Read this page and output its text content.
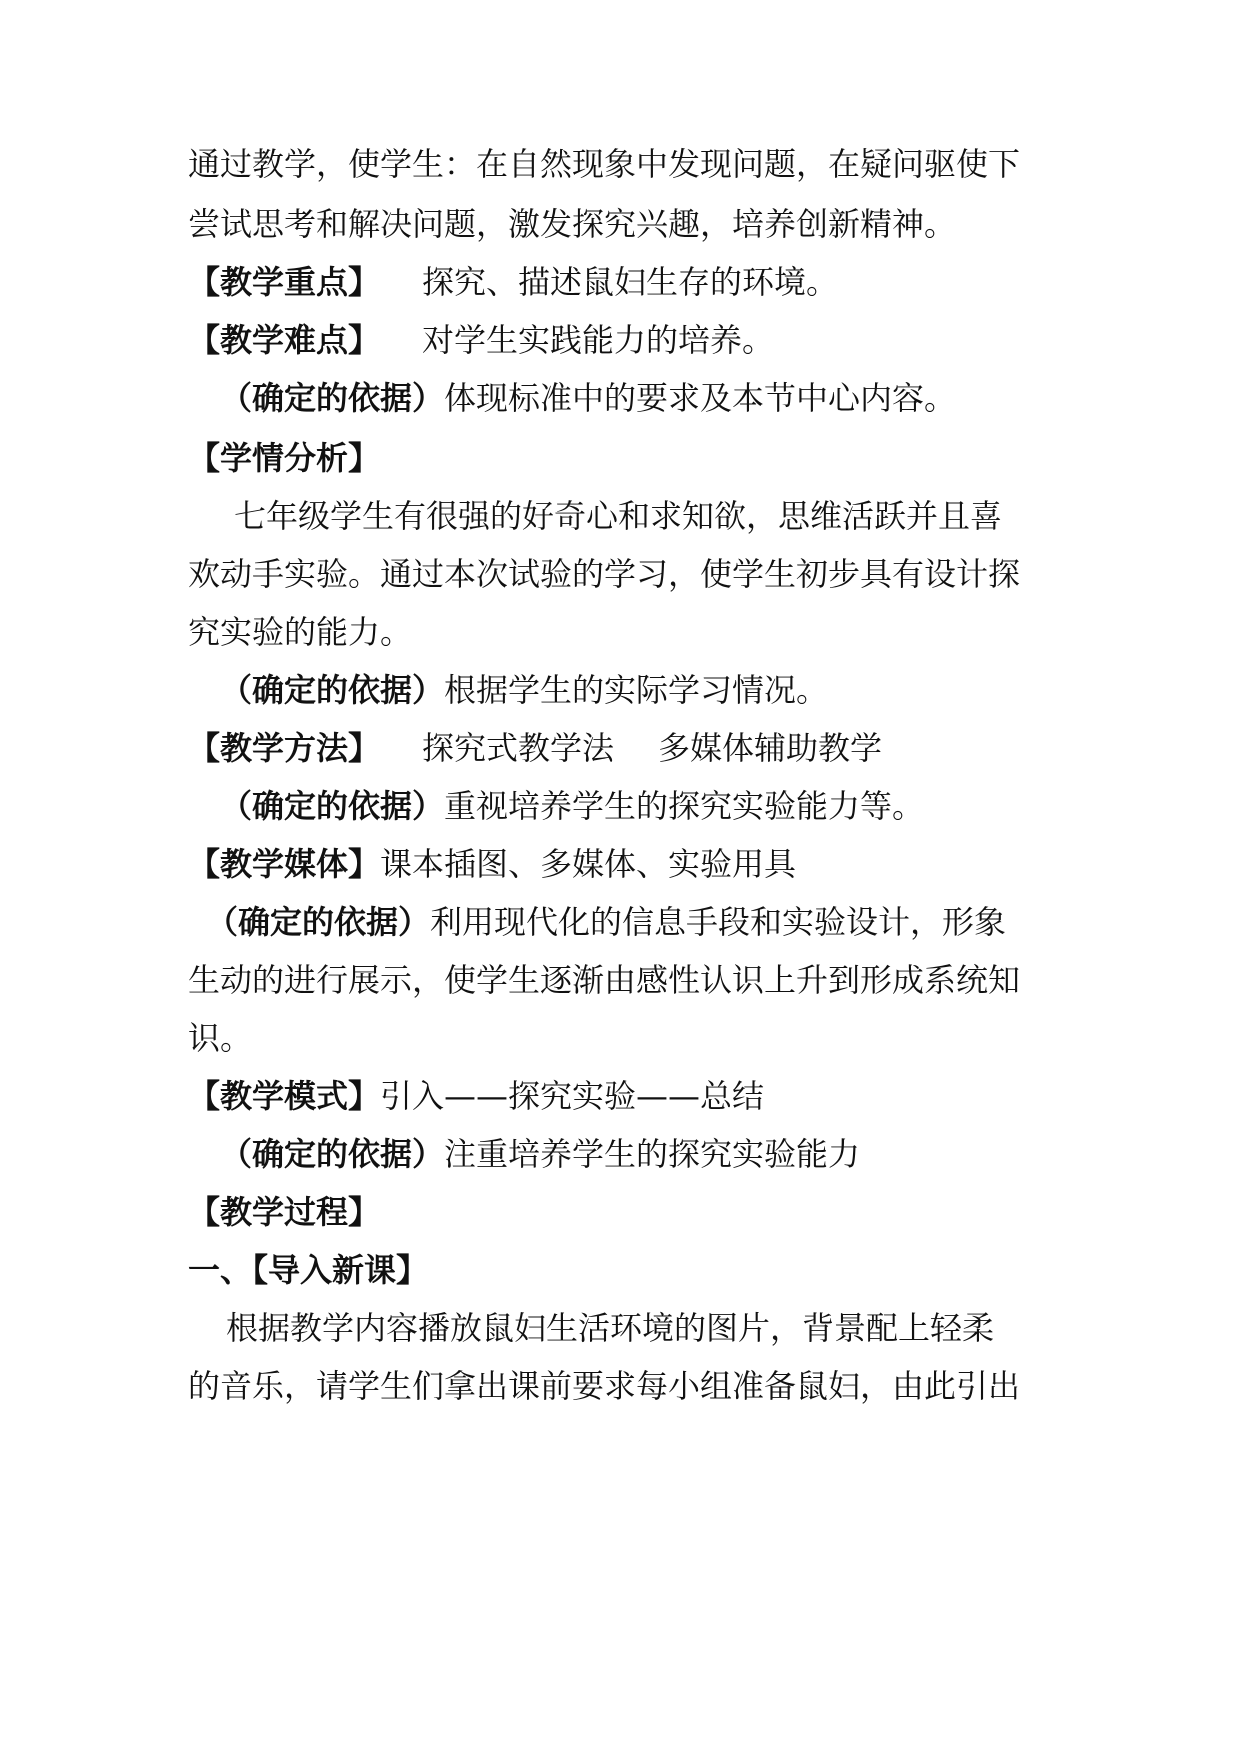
通过教学，使学生：在自然现象中发现问题，在疑问驱使下
尝试思考和解决问题，激发探究兴趣，培养创新精神。
【教学重点】 探究、描述鼠妇生存的环境。
【教学难点】 对学生实践能力的培养。
（确定的依据）体现标准中的要求及本节中心内容。
【学情分析】
七年级学生有很强的好奇心和求知欲，思维活跃并且喜
欢动手实验。通过本次试验的学习，使学生初步具有设计探
究实验的能力。
（确定的依据）根据学生的实际学习情况。
【教学方法】 探究式教学法 多媒体辅助教学
（确定的依据）重视培养学生的探究实验能力等。
【教学媒体】课本插图、多媒体、实验用具
（确定的依据）利用现代化的信息手段和实验设计，形象
生动的进行展示，使学生逐渐由感性认识上升到形成系统知
识。
【教学模式】引入——探究实验——总结
（确定的依据）注重培养学生的探究实验能力
【教学过程】
一、【导入新课】
根据教学内容播放鼠妇生活环境的图片，背景配上轻柔
的音乐，请学生们拿出课前要求每小组准备鼠妇，由此引出
